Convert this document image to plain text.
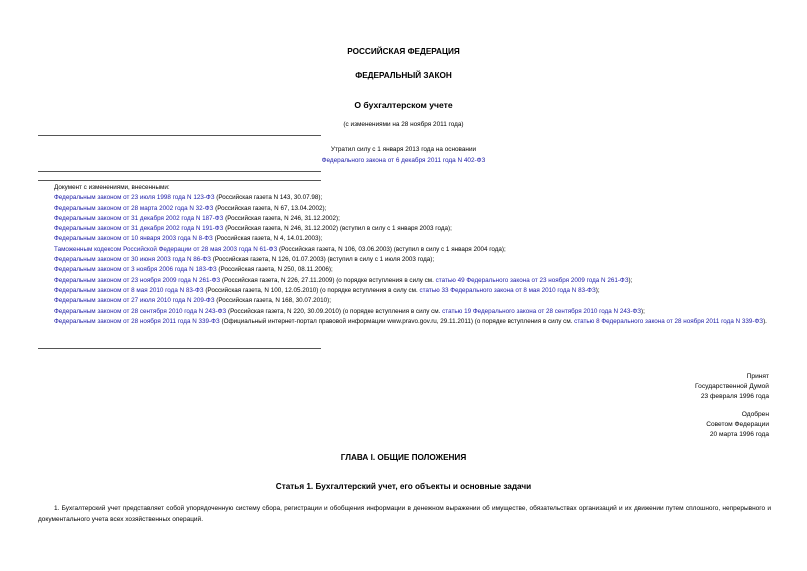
РОССИЙСКАЯ ФЕДЕРАЦИЯ
ФЕДЕРАЛЬНЫЙ ЗАКОН
О бухгалтерском учете
(с изменениями на 28 ноября 2011 года)
Утратил силу с 1 января 2013 года на основании
Федерального закона от 6 декабря 2011 года N 402-ФЗ
Документ с изменениями, внесенными:
Федеральным законом от 23 июля 1998 года N 123-ФЗ (Российская газета N 143, 30.07.98);
Федеральным законом от 28 марта 2002 года N 32-ФЗ (Российская газета, N 67, 13.04.2002);
Федеральным законом от 31 декабря 2002 года N 187-ФЗ (Российская газета, N 246, 31.12.2002);
Федеральным законом от 31 декабря 2002 года N 191-ФЗ (Российская газета, N 246, 31.12.2002) (вступил в силу с 1 января 2003 года);
Федеральным законом от 10 января 2003 года N 8-ФЗ (Российская газета, N 4, 14.01.2003);
Таможенным кодексом Российской Федерации от 28 мая 2003 года N 61-ФЗ (Российская газета, N 106, 03.06.2003) (вступил в силу с 1 января 2004 года);
Федеральным законом от 30 июня 2003 года N 86-ФЗ (Российская газета, N 126, 01.07.2003) (вступил в силу с 1 июля 2003 года);
Федеральным законом от 3 ноября 2006 года N 183-ФЗ (Российская газета, N 250, 08.11.2006);
Федеральным законом от 23 ноября 2009 года N 261-ФЗ (Российская газета, N 226, 27.11.2009) (о порядке вступления в силу см. статью 49 Федерального закона от 23 ноября 2009 года N 261-ФЗ);
Федеральным законом от 8 мая 2010 года N 83-ФЗ (Российская газета, N 100, 12.05.2010) (о порядке вступления в силу см. статью 33 Федерального закона от 8 мая 2010 года N 83-ФЗ);
Федеральным законом от 27 июля 2010 года N 209-ФЗ (Российская газета, N 168, 30.07.2010);
Федеральным законом от 28 сентября 2010 года N 243-ФЗ (Российская газета, N 220, 30.09.2010) (о порядке вступления в силу см. статью 19 Федерального закона от 28 сентября 2010 года N 243-ФЗ);
Федеральным законом от 28 ноября 2011 года N 339-ФЗ (Официальный интернет-портал правовой информации www.pravo.gov.ru, 29.11.2011) (о порядке вступления в силу см. статью 8 Федерального закона от 28 ноября 2011 года N 339-ФЗ).
Принят
Государственной Думой
23 февраля 1996 года
Одобрен
Советом Федерации
20 марта 1996 года
ГЛАВА I. ОБЩИЕ ПОЛОЖЕНИЯ
Статья 1. Бухгалтерский учет, его объекты и основные задачи
1. Бухгалтерский учет представляет собой упорядоченную систему сбора, регистрации и обобщения информации в денежном выражении об имуществе, обязательствах организаций и их движении путем сплошного, непрерывного и документального учета всех хозяйственных операций.
